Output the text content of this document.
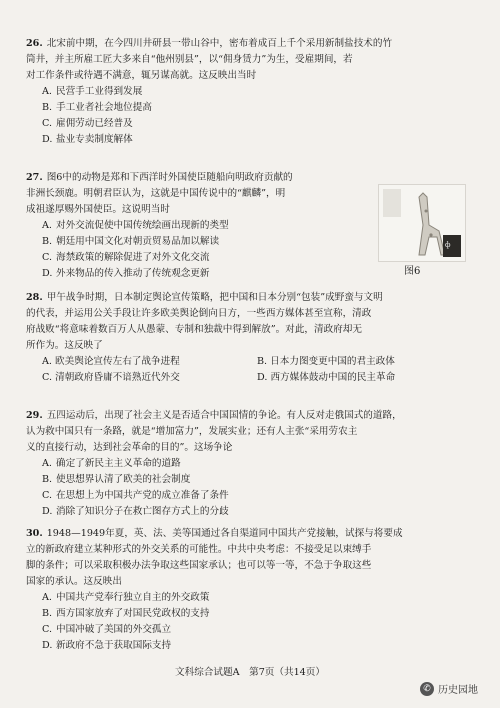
26. 北宋前中期，在今四川井研县一带山谷中，密布着成百上千个采用新制盐技术的竹

筒井，并主所雇工匠大多来自“他州别县”，以“佣身赁力”为生，受雇期间，若

对工作条件或待遇不满意，辄另谋高就。这反映出当时

A. 民营手工业得到发展

B. 手工业者社会地位提高

C. 雇佣劳动已经普及

D. 盐业专卖制度解体

27. 图6中的动物是郑和下西洋时外国使臣随船向明政府贡献的

非洲长颈鹿。明朝君臣认为，这就是中国传说中的“麒麟”，明

成祖遂厚赐外国使臣。这说明当时

A. 对外交流促使中国传统绘画出现新的类型

B. 朝廷用中国文化对朝贡贸易品加以解读

C. 海禁政策的解除促进了对外文化交流

D. 外来物品的传入推动了传统观念更新

ф
图6

28. 甲午战争时期，日本制定舆论宣传策略，把中国和日本分别“包装”成野蛮与文明

的代表，并运用公关手段让许多欧美舆论倒向日方，一些西方媒体甚至宣称，清政

府战败“将意味着数百万人从愚蒙、专制和独裁中得到解放”。对此，清政府却无

所作为。这反映了

A. 欧美舆论宣传左右了战争进程	B. 日本力图变更中国的君主政体
C. 清朝政府昏庸不谙熟近代外交	D. 西方媒体鼓动中国的民主革命

29. 五四运动后，出现了社会主义是否适合中国国情的争论。有人反对走俄国式的道路，

认为救中国只有一条路，就是“增加富力”，发展实业；还有人主张“采用劳农主

义的直接行动，达到社会革命的目的”。这场争论

A. 确定了新民主主义革命的道路

B. 使思想界认清了欧美的社会制度

C. 在思想上为中国共产党的成立准备了条件

D. 消除了知识分子在救亡图存方式上的分歧

30. 1948—1949年夏，英、法、美等国通过各自渠道同中国共产党接触，试探与将要成

立的新政府建立某种形式的外交关系的可能性。中共中央考虑：不接受足以束缚手

脚的条件；可以采取积极办法争取这些国家承认；也可以等一等，不急于争取这些

国家的承认。这反映出

A. 中国共产党奉行独立自主的外交政策

B. 西方国家放弃了对国民党政权的支持

C. 中国冲破了美国的外交孤立

D. 新政府不急于获取国际支持

文科综合试题A　第7页（共14页）
✆ 历史园地
